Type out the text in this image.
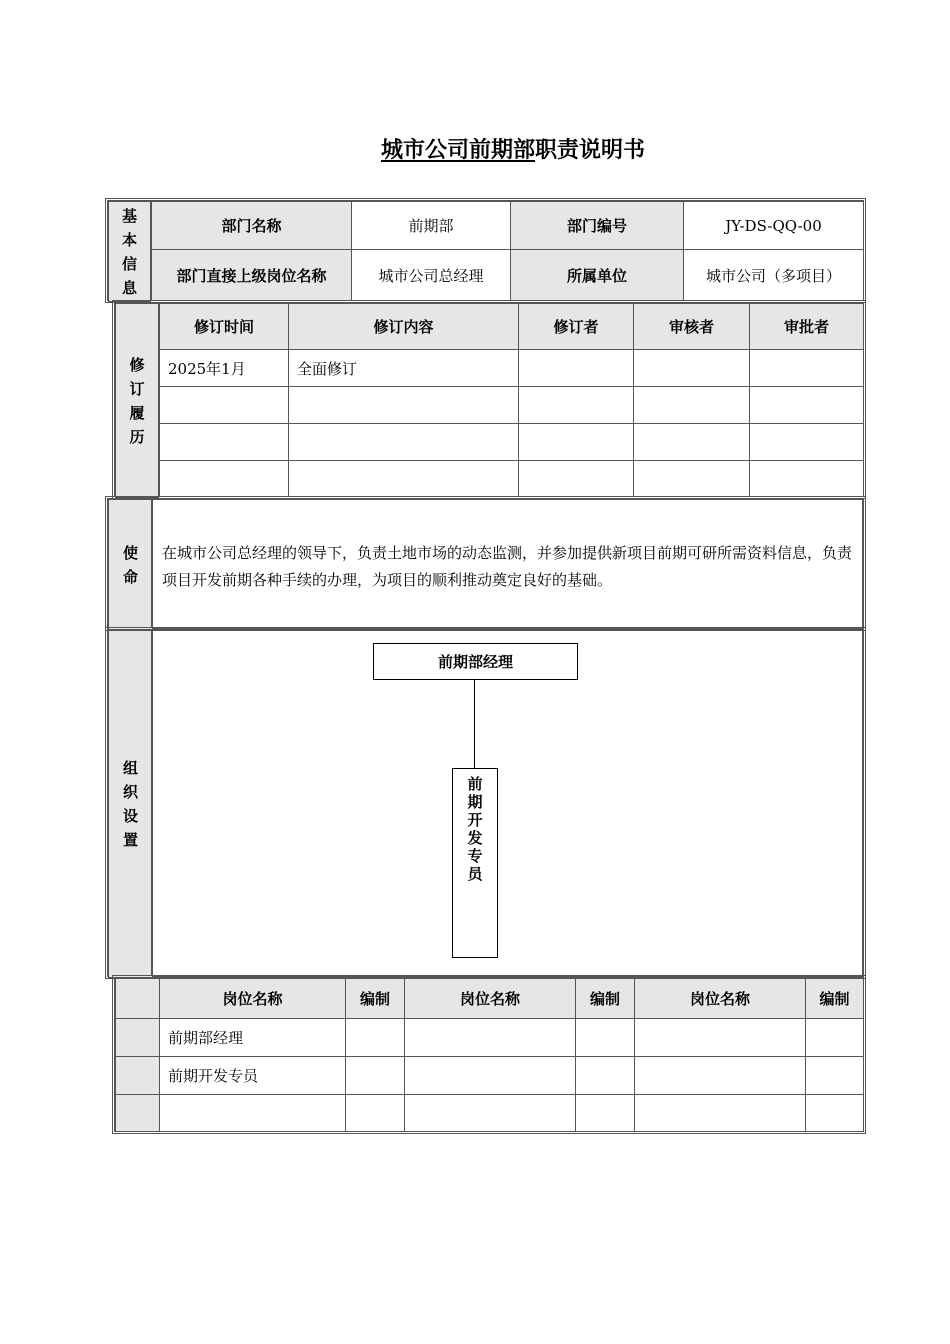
城市公司前期部职责说明书
基本信息
部门名称	前期部	部门编号	JY-DS-QQ-00
部门直接上级岗位名称	城市公司总经理	所属单位	城市公司（多项目）
修订履历
修订时间	修订内容	修订者	审核者	审批者
2025年1月	全面修订			

使命
在城市公司总经理的领导下，负责土地市场的动态监测，并参加提供新项目前期可研所需资料信息，负责项目开发前期各种手续的办理，为项目的顺利推动奠定良好的基础。
组织设置
前期部经理
前期开发专员
	岗位名称	编制	岗位名称	编制	岗位名称	编制
	前期部经理					
	前期开发专员					
